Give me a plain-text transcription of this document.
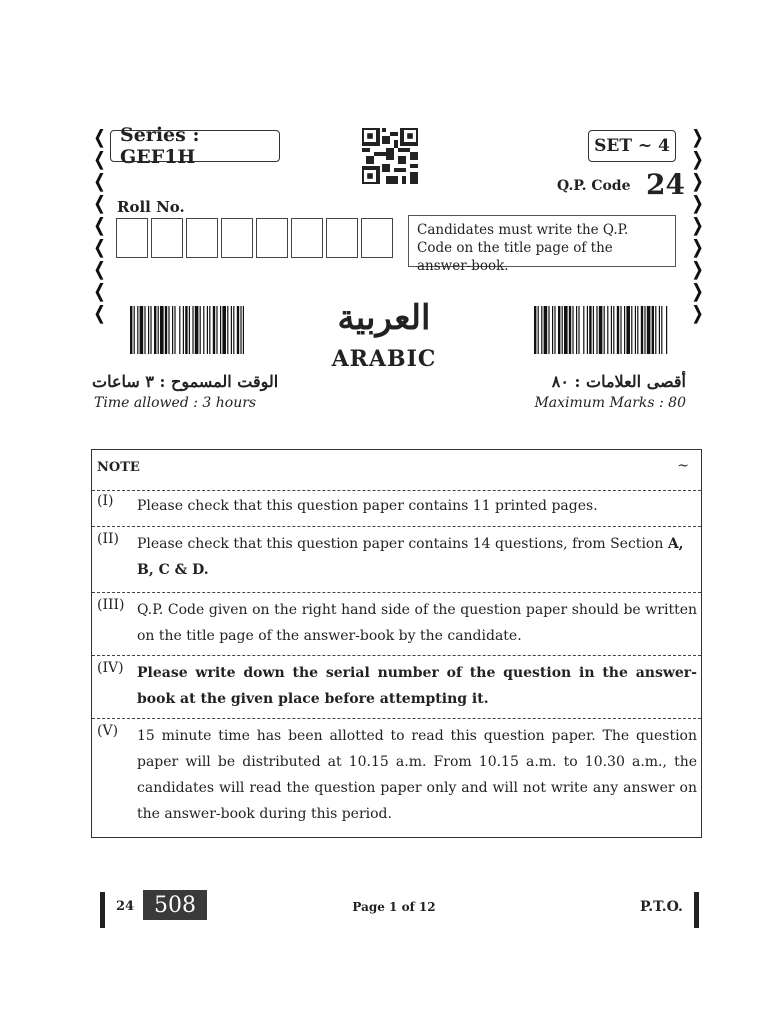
❬
❬
❬
❬
❬
❬
❬
❬
❬
❭
❭
❭
❭
❭
❭
❭
❭
❭
Series : GEF1H	SET ~ 4
Q.P. Code 24
Roll No.
Candidates must write the Q.P. Code on the title page of the answer-book.
العربية
ARABIC
الوقت المسموح : ٣ ساعات
Time allowed : 3 hours
أقصى العلامات : ٨٠
Maximum Marks : 80
NOTE	~
(I) Please check that this question paper contains 11 printed pages.
(II) Please check that this question paper contains 14 questions, from Section A, B, C & D.
(III) Q.P. Code given on the right hand side of the question paper should be written on the title page of the answer-book by the candidate.
(IV) Please write down the serial number of the question in the answer-book at the given place before attempting it.
(V) 15 minute time has been allotted to read this question paper. The question paper will be distributed at 10.15 a.m. From 10.15 a.m. to 10.30 a.m., the candidates will read the question paper only and will not write any answer on the answer-book during this period.
24 508	Page 1 of 12	P.T.O.
